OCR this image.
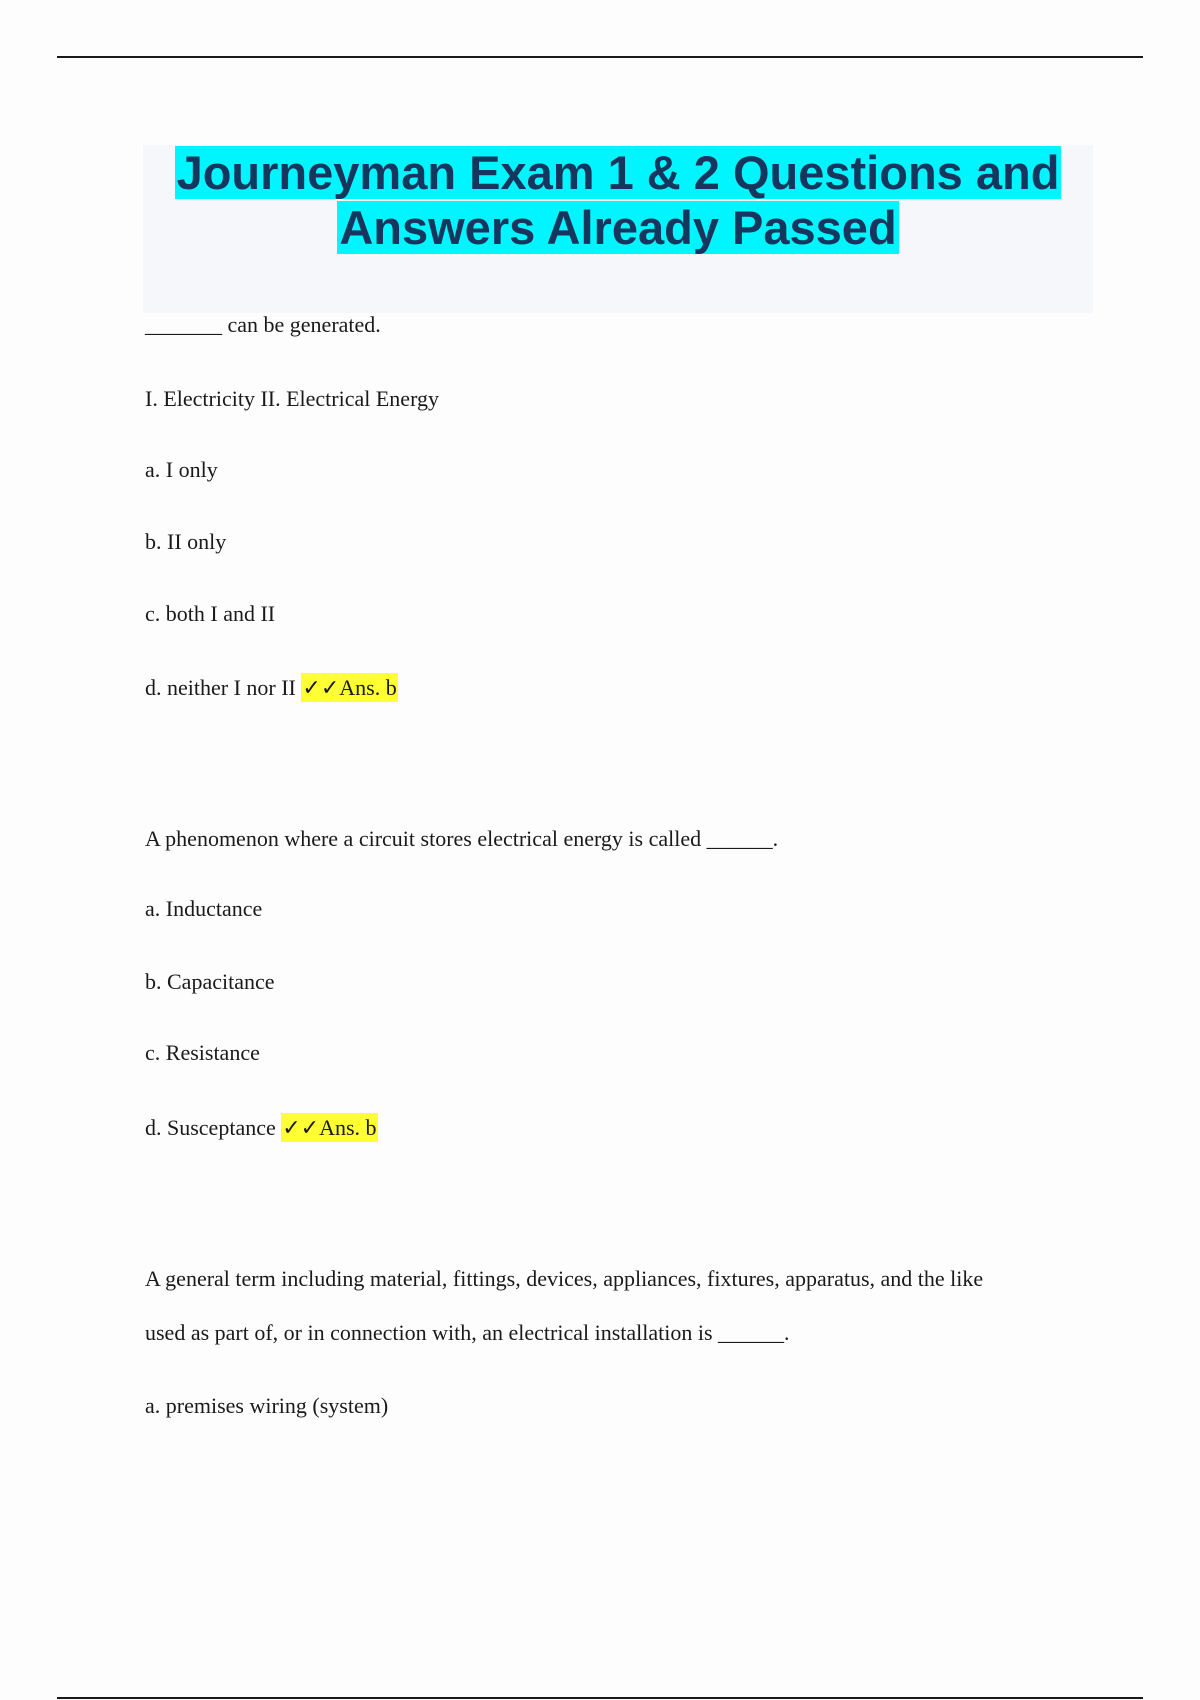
Journeyman Exam 1 & 2 Questions and
Answers Already Passed
_______ can be generated.
I. Electricity II. Electrical Energy
a. I only
b. II only
c. both I and II
d. neither I nor II ✓✓Ans. b
A phenomenon where a circuit stores electrical energy is called ______.
a. Inductance
b. Capacitance
c. Resistance
d. Susceptance ✓✓Ans. b
A general term including material, fittings, devices, appliances, fixtures, apparatus, and the like
used as part of, or in connection with, an electrical installation is ______.
a. premises wiring (system)
